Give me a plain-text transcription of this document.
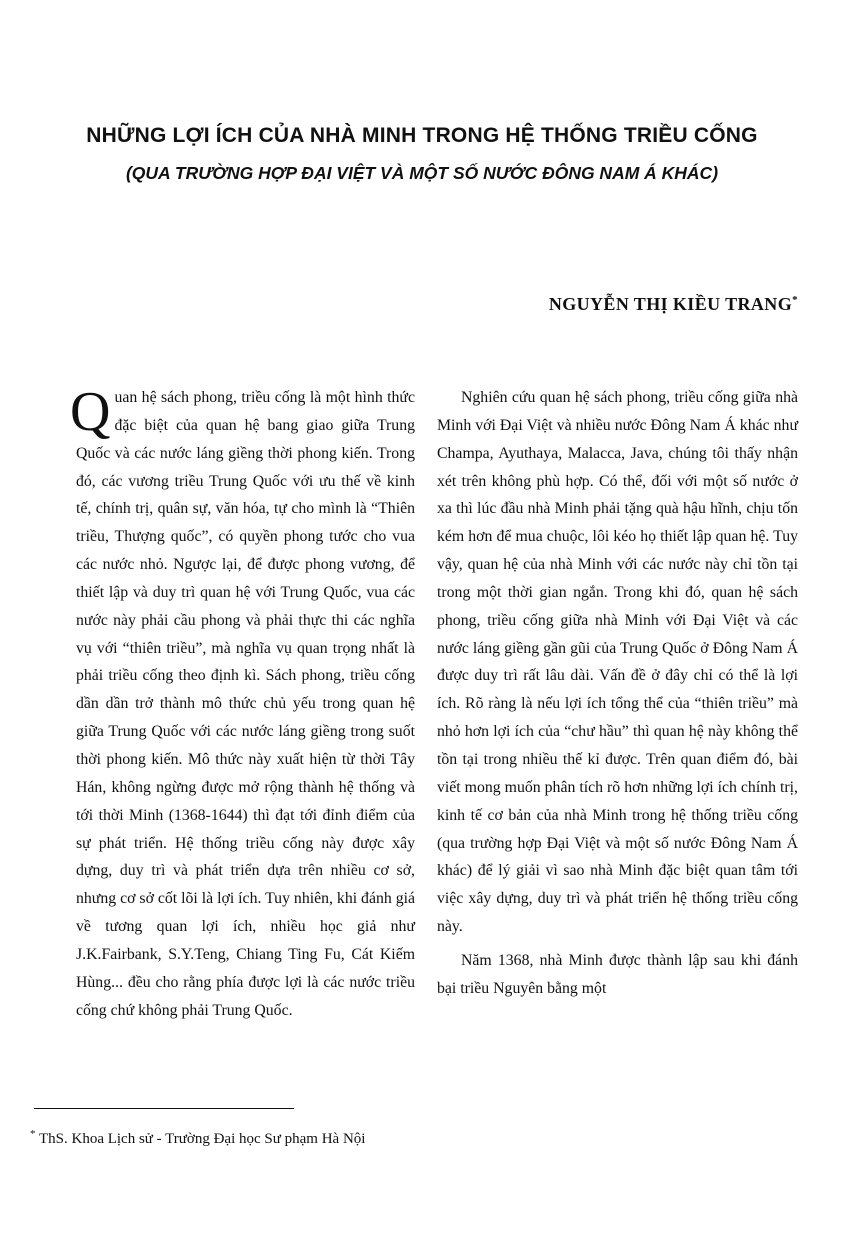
NHỮNG LỢI ÍCH CỦA NHÀ MINH TRONG HỆ THỐNG TRIỀU CỐNG
(QUA TRƯỜNG HỢP ĐẠI VIỆT VÀ MỘT SỐ NƯỚC ĐÔNG NAM Á KHÁC)
NGUYỄN THỊ KIỀU TRANG*

Quan hệ sách phong, triều cống là một hình thức đặc biệt của quan hệ bang giao giữa Trung Quốc và các nước láng giềng thời phong kiến. Trong đó, các vương triều Trung Quốc với ưu thế về kinh tế, chính trị, quân sự, văn hóa, tự cho mình là “Thiên triều, Thượng quốc”, có quyền phong tước cho vua các nước nhỏ. Ngược lại, để được phong vương, để thiết lập và duy trì quan hệ với Trung Quốc, vua các nước này phải cầu phong và phải thực thi các nghĩa vụ với “thiên triều”, mà nghĩa vụ quan trọng nhất là phải triều cống theo định kì. Sách phong, triều cống dần dần trở thành mô thức chủ yếu trong quan hệ giữa Trung Quốc với các nước láng giềng trong suốt thời phong kiến. Mô thức này xuất hiện từ thời Tây Hán, không ngừng được mở rộng thành hệ thống và tới thời Minh (1368-1644) thì đạt tới đỉnh điểm của sự phát triển. Hệ thống triều cống này được xây dựng, duy trì và phát triển dựa trên nhiều cơ sở, nhưng cơ sở cốt lõi là lợi ích. Tuy nhiên, khi đánh giá về tương quan lợi ích, nhiều học giả như J.K.Fairbank, S.Y.Teng, Chiang Ting Fu, Cát Kiếm Hùng... đều cho rằng phía được lợi là các nước triều cống chứ không phải Trung Quốc.

Nghiên cứu quan hệ sách phong, triều cống giữa nhà Minh với Đại Việt và nhiều nước Đông Nam Á khác như Champa, Ayuthaya, Malacca, Java, chúng tôi thấy nhận xét trên không phù hợp. Có thể, đối với một số nước ở xa thì lúc đầu nhà Minh phải tặng quà hậu hĩnh, chịu tốn kém hơn để mua chuộc, lôi kéo họ thiết lập quan hệ. Tuy vậy, quan hệ của nhà Minh với các nước này chỉ tồn tại trong một thời gian ngắn. Trong khi đó, quan hệ sách phong, triều cống giữa nhà Minh với Đại Việt và các nước láng giềng gần gũi của Trung Quốc ở Đông Nam Á được duy trì rất lâu dài. Vấn đề ở đây chỉ có thể là lợi ích. Rõ ràng là nếu lợi ích tổng thể của “thiên triều” mà nhỏ hơn lợi ích của “chư hầu” thì quan hệ này không thể tồn tại trong nhiều thế kỉ được. Trên quan điểm đó, bài viết mong muốn phân tích rõ hơn những lợi ích chính trị, kinh tế cơ bản của nhà Minh trong hệ thống triều cống (qua trường hợp Đại Việt và một số nước Đông Nam Á khác) để lý giải vì sao nhà Minh đặc biệt quan tâm tới việc xây dựng, duy trì và phát triển hệ thống triều cống này.

Năm 1368, nhà Minh được thành lập sau khi đánh bại triều Nguyên bằng một

* ThS. Khoa Lịch sử - Trường Đại học Sư phạm Hà Nội
